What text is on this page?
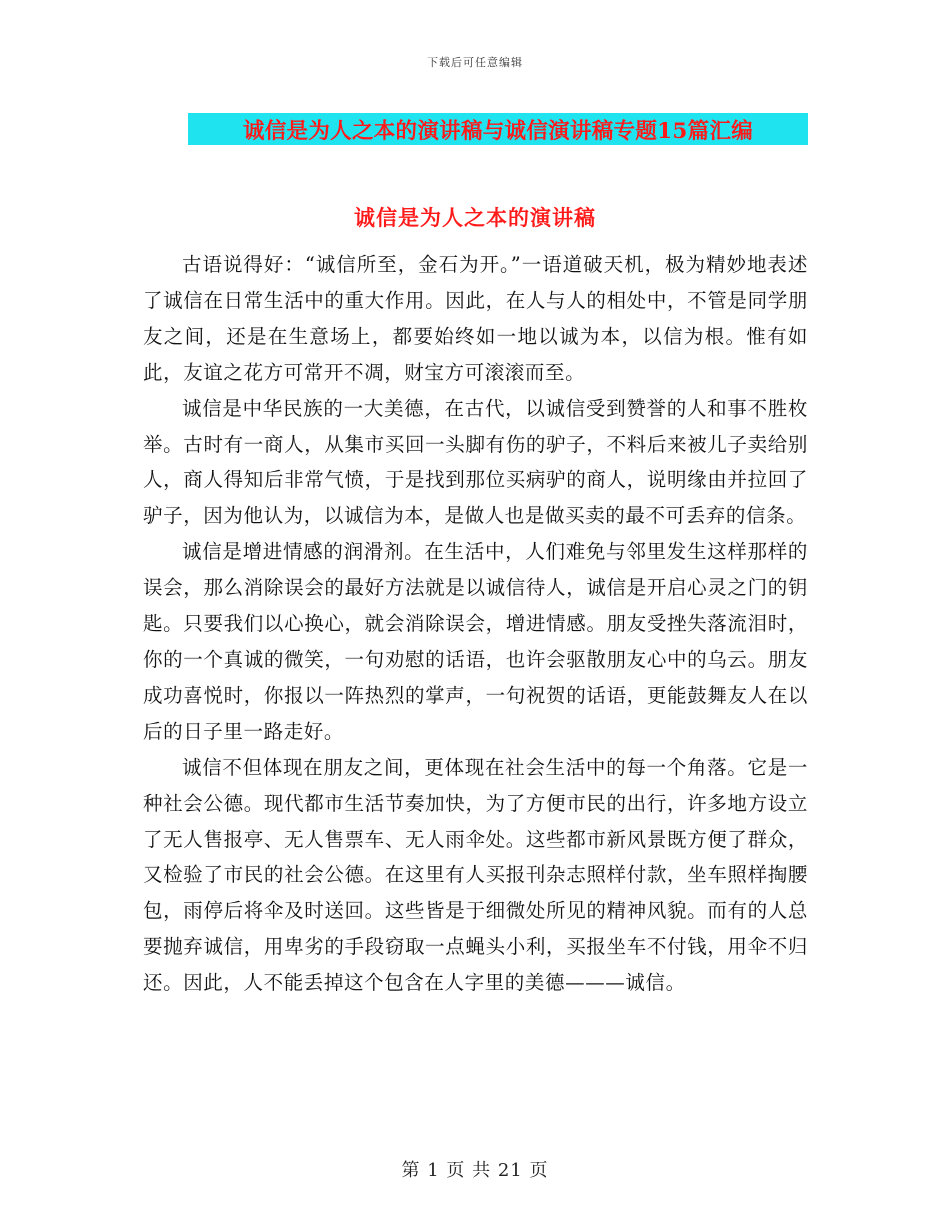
下载后可任意编辑
诚信是为人之本的演讲稿与诚信演讲稿专题15篇汇编
诚信是为人之本的演讲稿

古语说得好：“诚信所至，金石为开。”一语道破天机，极为精妙地表述了诚信在日常生活中的重大作用。因此，在人与人的相处中，不管是同学朋友之间，还是在生意场上，都要始终如一地以诚为本，以信为根。惟有如此，友谊之花方可常开不凋，财宝方可滚滚而至。

诚信是中华民族的一大美德，在古代，以诚信受到赞誉的人和事不胜枚举。古时有一商人，从集市买回一头脚有伤的驴子，不料后来被儿子卖给别人，商人得知后非常气愤，于是找到那位买病驴的商人，说明缘由并拉回了驴子，因为他认为，以诚信为本，是做人也是做买卖的最不可丢弃的信条。

诚信是增进情感的润滑剂。在生活中，人们难免与邻里发生这样那样的误会，那么消除误会的最好方法就是以诚信待人，诚信是开启心灵之门的钥匙。只要我们以心换心，就会消除误会，增进情感。朋友受挫失落流泪时，你的一个真诚的微笑，一句劝慰的话语，也许会驱散朋友心中的乌云。朋友成功喜悦时，你报以一阵热烈的掌声，一句祝贺的话语，更能鼓舞友人在以后的日子里一路走好。

诚信不但体现在朋友之间，更体现在社会生活中的每一个角落。它是一种社会公德。现代都市生活节奏加快，为了方便市民的出行，许多地方设立了无人售报亭、无人售票车、无人雨伞处。这些都市新风景既方便了群众，又检验了市民的社会公德。在这里有人买报刊杂志照样付款，坐车照样掏腰包，雨停后将伞及时送回。这些皆是于细微处所见的精神风貌。而有的人总要抛弃诚信，用卑劣的手段窃取一点蝇头小利，买报坐车不付钱，用伞不归还。因此，人不能丢掉这个包含在人字里的美德———诚信。

第 1 页 共 21 页
